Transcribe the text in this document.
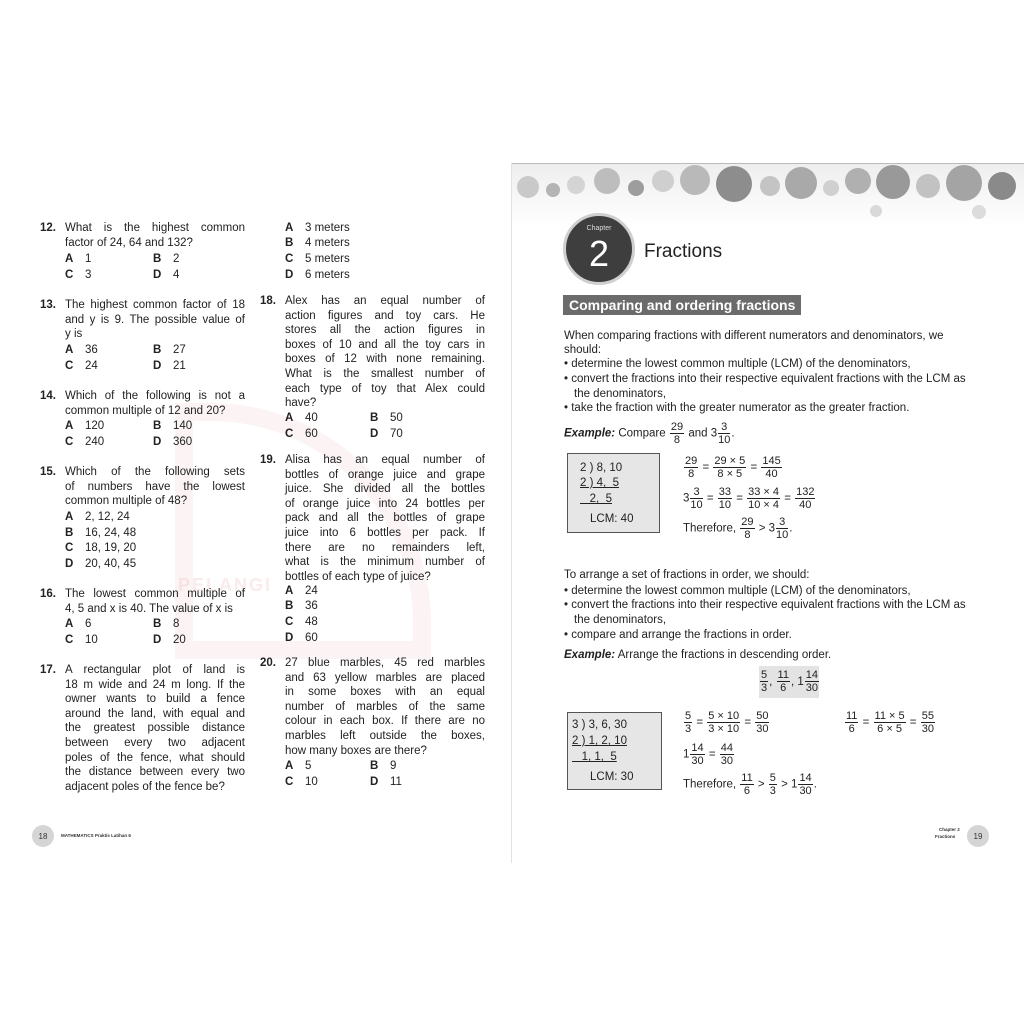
PELANGI
12. What is the highest common
factor of 24, 64 and 132?
A 1	B 2
C 3	D 4
13. The highest common factor of 18
and y is 9. The possible value of
y is
A 36	B 27
C 24	D 21
14. Which of the following is not a
common multiple of 12 and 20?
A 120	B 140
C 240	D 360
15. Which of the following sets
of numbers have the lowest
common multiple of 48?
A 2, 12, 24
B 16, 24, 48
C 18, 19, 20
D 20, 40, 45
16. The lowest common multiple of
4, 5 and x is 40. The value of x is
A 6	B 8
C 10	D 20
17. A rectangular plot of land is
18 m wide and 24 m long. If the
owner wants to build a fence
around the land, with equal and
the greatest possible distance
between every two adjacent
poles of the fence, what should
the distance between every two
adjacent poles of the fence be?
A 3 meters
B 4 meters
C 5 meters
D 6 meters
18. Alex has an equal number of
action figures and toy cars. He
stores all the action figures in
boxes of 10 and all the toy cars in
boxes of 12 with none remaining.
What is the smallest number of
each type of toy that Alex could
have?
A 40	B 50
C 60	D 70
19. Alisa has an equal number of
bottles of orange juice and grape
juice. She divided all the bottles
of orange juice into 24 bottles per
pack and all the bottles of grape
juice into 6 bottles per pack. If
there are no remainders left,
what is the minimum number of
bottles of each type of juice?
A 24
B 36
C 48
D 60
20. 27 blue marbles, 45 red marbles
and 63 yellow marbles are placed
in some boxes with an equal
number of marbles of the same
colour in each box. If there are no
marbles left outside the boxes,
how many boxes are there?
A 5	B 9
C 10	D 11
18	MATHEMATICS Praktis Latihan 6
Chapter
2	Fractions
Comparing and ordering fractions
When comparing fractions with different numerators and denominators, we
should:
• determine the lowest common multiple (LCM) of the denominators,
• convert the fractions into their respective equivalent fractions with the LCM as
the denominators,
• take the fraction with the greater numerator as the greater fraction.
Example: Compare $\frac{29}{8}$ and $3 \frac{3}{10}$ .
2 ) 8, 10
2 ) 4,  5
2,  5
LCM: 40
$\frac{29}{8} = \frac{29 \times 5}{8 \times 5} = \frac{145}{40}$
$3 \frac{3}{10} = \frac{33}{10} = \frac{33 \times 4}{10 \times 4} = \frac{132}{40}$
Therefore, $\frac{29}{8} > 3 \frac{3}{10}$ .
To arrange a set of fractions in order, we should:
• determine the lowest common multiple (LCM) of the denominators,
• convert the fractions into their respective equivalent fractions with the LCM as
the denominators,
• compare and arrange the fractions in order.
Example: Arrange the fractions in descending order.
$\frac{5}{3}$ , $\frac{11}{6}$ , $1 \frac{14}{30}$
3 ) 3, 6, 30
2 ) 1, 2, 10
1, 1,  5
LCM: 30
$\frac{5}{3} = \frac{5 \times 10}{3 \times 10} = \frac{50}{30}$	$\frac{11}{6} = \frac{11 \times 5}{6 \times 5} = \frac{55}{30}$
$1 \frac{14}{30} = \frac{44}{30}$
Therefore, $\frac{11}{6} > \frac{5}{3} > 1 \frac{14}{30}$ .
Chapter 2
Fractions 19
